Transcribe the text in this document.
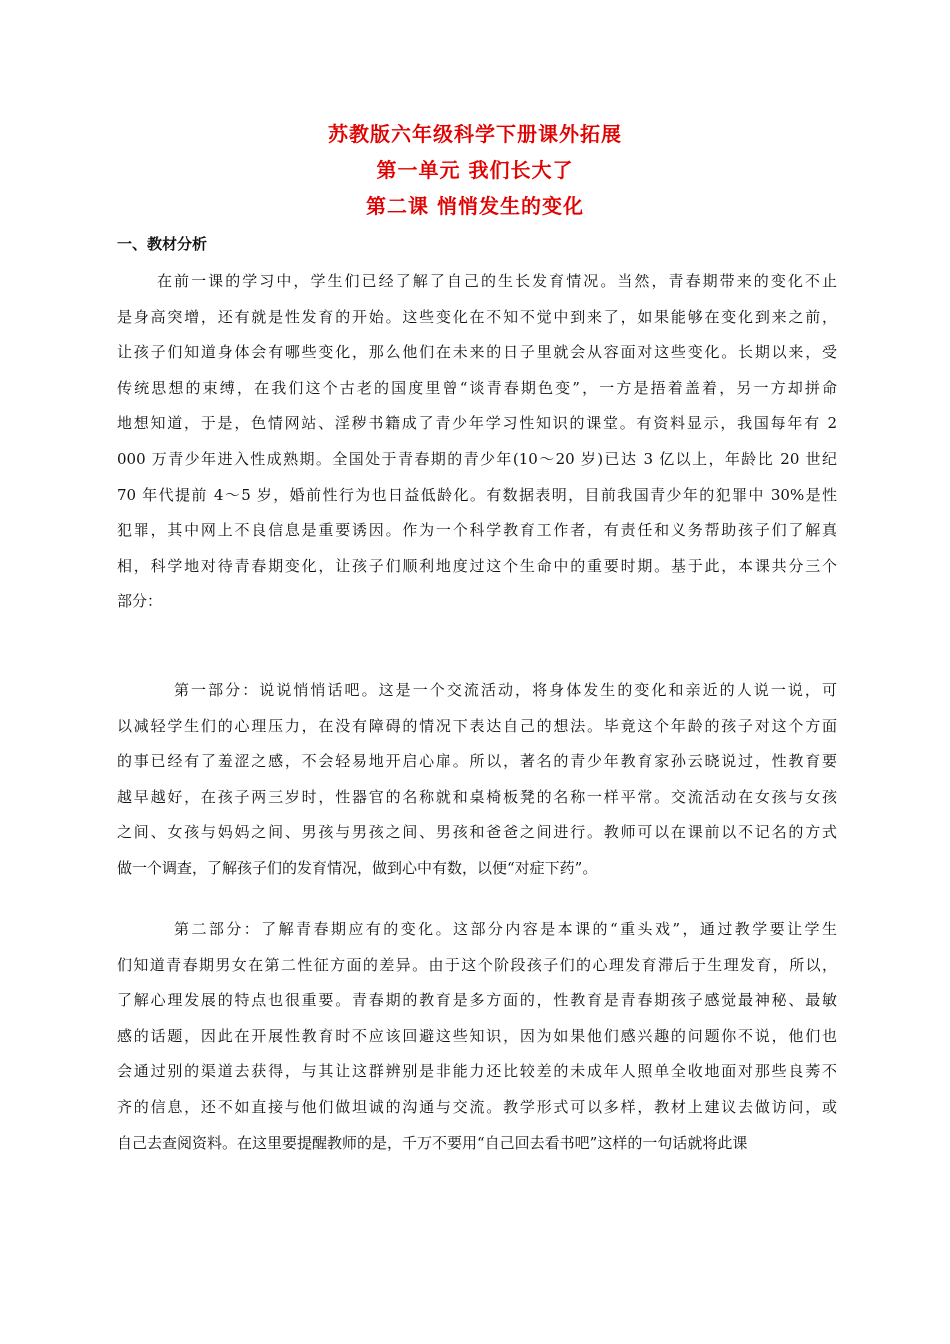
苏教版六年级科学下册课外拓展
第一单元 我们长大了
第二课 悄悄发生的变化
一、教材分析
在前一课的学习中，学生们已经了解了自己的生长发育情况。当然，青春期带来的变化不止
是身高突增，还有就是性发育的开始。这些变化在不知不觉中到来了，如果能够在变化到来之前，
让孩子们知道身体会有哪些变化，那么他们在未来的日子里就会从容面对这些变化。长期以来，受
传统思想的束缚，在我们这个古老的国度里曾“谈青春期色变”，一方是捂着盖着，另一方却拼命
地想知道，于是，色情网站、淫秽书籍成了青少年学习性知识的课堂。有资料显示，我国每年有 2
000 万青少年进入性成熟期。全国处于青春期的青少年(10～20 岁)已达 3 亿以上，年龄比 20 世纪
70 年代提前 4～5 岁，婚前性行为也日益低龄化。有数据表明，目前我国青少年的犯罪中 30%是性
犯罪，其中网上不良信息是重要诱因。作为一个科学教育工作者，有责任和义务帮助孩子们了解真
相，科学地对待青春期变化，让孩子们顺利地度过这个生命中的重要时期。基于此，本课共分三个
部分：
第一部分：说说悄悄话吧。这是一个交流活动，将身体发生的变化和亲近的人说一说，可
以减轻学生们的心理压力，在没有障碍的情况下表达自己的想法。毕竟这个年龄的孩子对这个方面
的事已经有了羞涩之感，不会轻易地开启心扉。所以，著名的青少年教育家孙云晓说过，性教育要
越早越好，在孩子两三岁时，性器官的名称就和桌椅板凳的名称一样平常。交流活动在女孩与女孩
之间、女孩与妈妈之间、男孩与男孩之间、男孩和爸爸之间进行。教师可以在课前以不记名的方式
做一个调查，了解孩子们的发育情况，做到心中有数，以便“对症下药”。
第二部分：了解青春期应有的变化。这部分内容是本课的“重头戏”，通过教学要让学生
们知道青春期男女在第二性征方面的差异。由于这个阶段孩子们的心理发育滞后于生理发育，所以，
了解心理发展的特点也很重要。青春期的教育是多方面的，性教育是青春期孩子感觉最神秘、最敏
感的话题，因此在开展性教育时不应该回避这些知识，因为如果他们感兴趣的问题你不说，他们也
会通过别的渠道去获得，与其让这群辨别是非能力还比较差的未成年人照单全收地面对那些良莠不
齐的信息，还不如直接与他们做坦诚的沟通与交流。教学形式可以多样，教材上建议去做访问，或
自己去查阅资料。在这里要提醒教师的是，千万不要用“自己回去看书吧”这样的一句话就将此课
